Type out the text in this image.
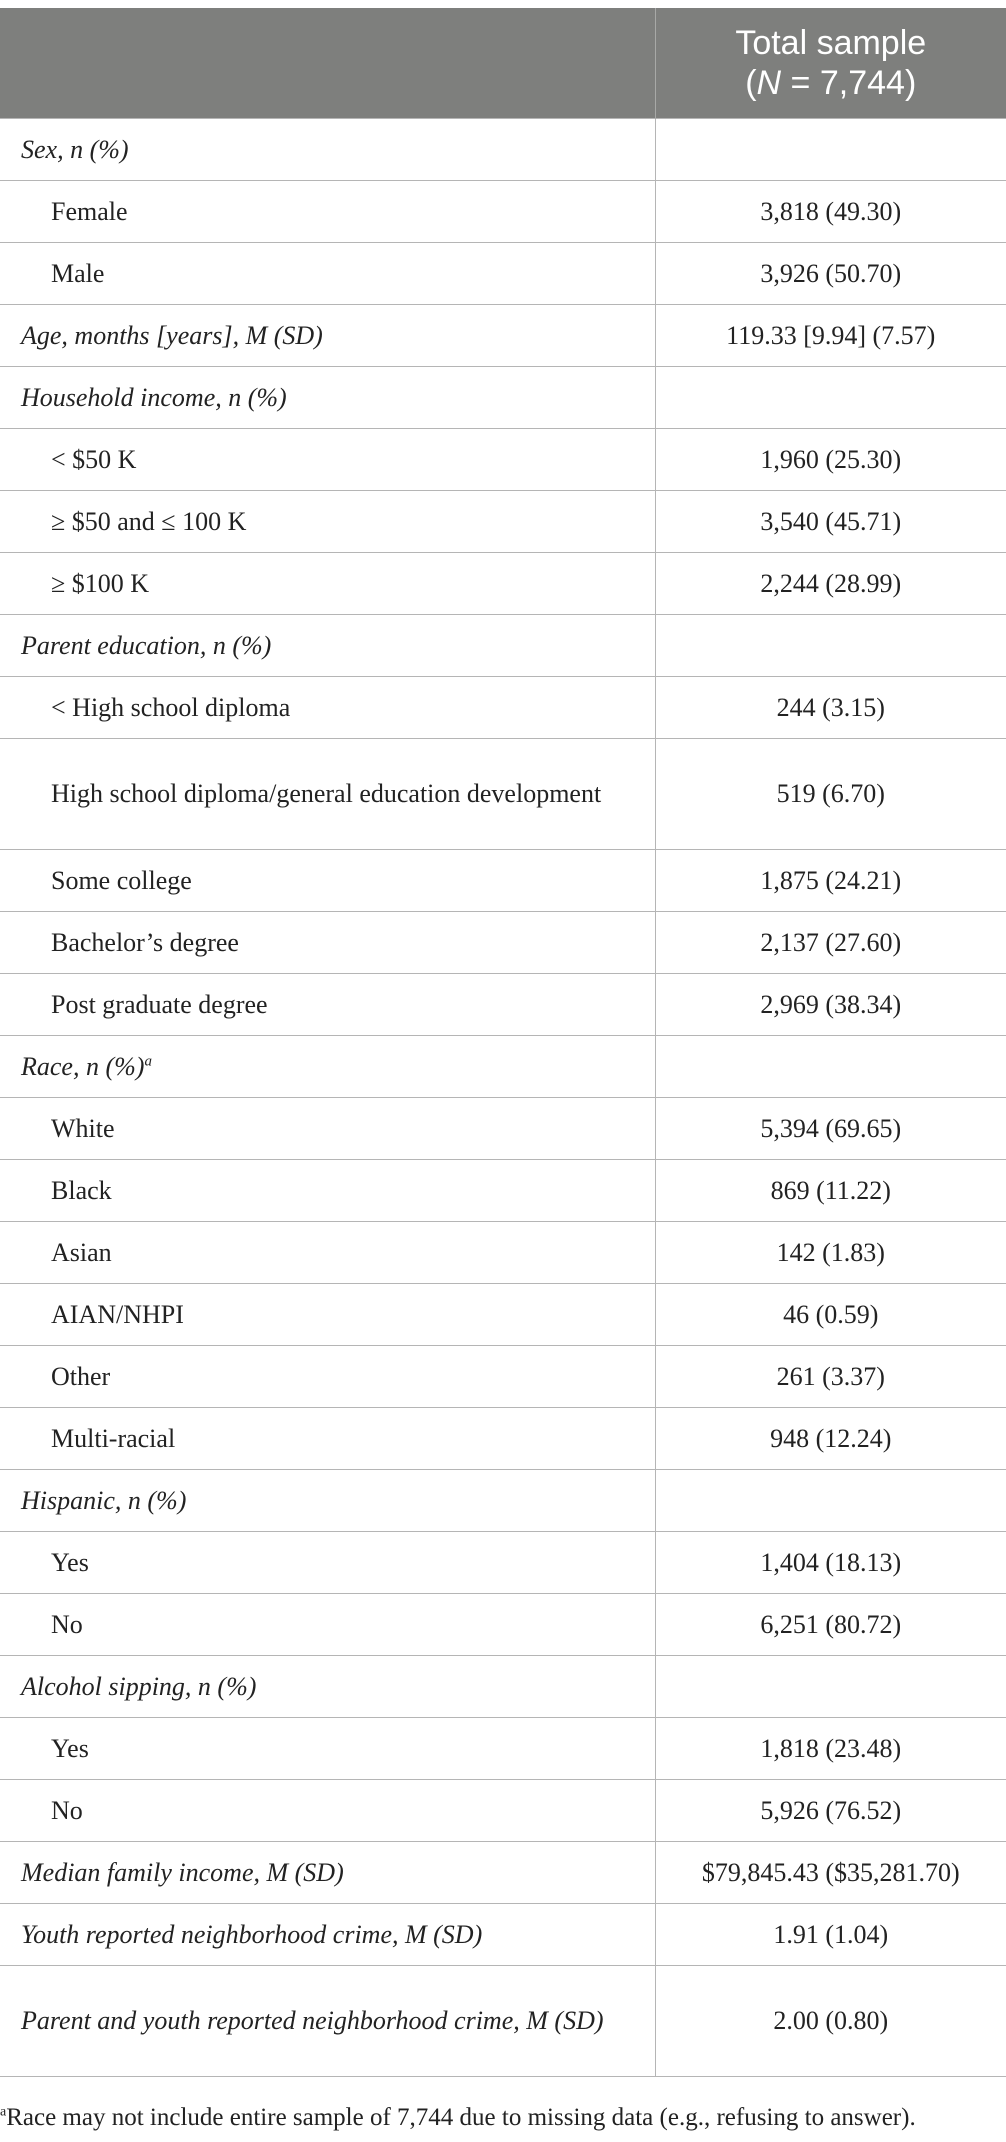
	Total sample
(N = 7,744)

Sex, n (%)	
Female	3,818 (49.30)
Male	3,926 (50.70)
Age, months [years], M (SD)	119.33 [9.94] (7.57)
Household income, n (%)	
< $50 K	1,960 (25.30)
≥ $50 and ≤ 100 K	3,540 (45.71)
≥ $100 K	2,244 (28.99)
Parent education, n (%)	
< High school diploma	244 (3.15)
High school diploma/general education development	519 (6.70)
Some college	1,875 (24.21)
Bachelor’s degree	2,137 (27.60)
Post graduate degree	2,969 (38.34)
Race, n (%)$^a$	
White	5,394 (69.65)
Black	869 (11.22)
Asian	142 (1.83)
AIAN/NHPI	46 (0.59)
Other	261 (3.37)
Multi-racial	948 (12.24)
Hispanic, n (%)	
Yes	1,404 (18.13)
No	6,251 (80.72)
Alcohol sipping, n (%)	
Yes	1,818 (23.48)
No	5,926 (76.52)
Median family income, M (SD)	$79,845.43 ($35,281.70)
Youth reported neighborhood crime, M (SD)	1.91 (1.04)
Parent and youth reported neighborhood crime, M (SD)	2.00 (0.80)
$^a$Race may not include entire sample of 7,744 due to missing data (e.g., refusing to answer).
